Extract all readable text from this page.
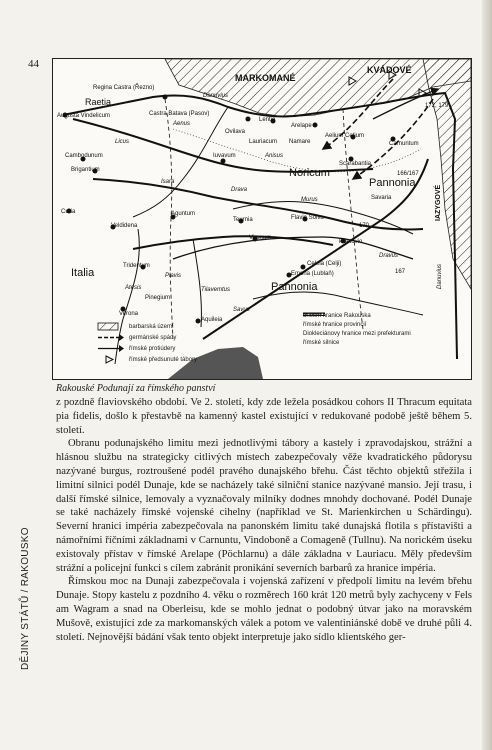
44
MARKOMANÉ
KVÁDOVÉ
Raetia
Noricum
Pannonia
Pannonia
Italia
IAZYGOVÉ
Regina Castra (Řezno)
Augusta Vindelicum	Castra Batava (Pasov)
Ovilava
Lentia
Arelape
Aelium Cetium
Lauriacum Namare	Carnuntum
Iuvavum
Scarabantia
Savaria
Cambodunum
Brigantium
Curia
Veldidena
Aguntum
Teurnia
Virunum
Flavia Solva
Poetovio
Celeia (Celji)
Emona (Lublaň)
Tridentum
Aquileia
Verona
Pinegium
Danuvius
Danuvius
Aenus
Isara
Licus
Drava
Dravus
Murus
Anisus
Atesis
Plavis
Tilavemtus
Savus
172, 179
166/167
170
167
barbarská území
germánské spády
římské protiúdery
římské předsunuté tábory
dnešní hranice Rakouska
římské hranice provincií
Diokleciánovy hranice mezi prefekturami
římské silnice
Rakouské Podunají za římského panství

z pozdně flaviovského období. Ve 2. století, kdy zde ležela posádkou cohors II Thracum equitata pia fidelis, došlo k přestavbě na kamenný kastel existující v redukované podobě ještě během 5. století.

Obranu podunajského limitu mezi jednotlivými tábory a kastely i zpravodajskou, strážní a hlásnou službu na strategicky citlivých místech zabezpečovaly věže kvadratického půdorysu nazývané burgus, roztroušené podél pravého dunajského břehu. Část těchto objektů střežila i limitní silnici podél Dunaje, kde se nacházely také silniční stanice nazývané mansio. Její trasu, i další římské silnice, lemovaly a vyznačovaly milníky dodnes mnohdy dochované. Podél Dunaje se také nacházely římské vojenské cihelny (například ve St. Marienkirchen u Schärdingu). Severní hranici impéria zabezpečovala na panonském limitu také dunajská flotila s přístavišti a námořními říčními základnami v Carnuntu, Vindoboně a Comageně (Tullnu). Na norickém úseku existovaly přístav v římské Arelape (Pöchlarnu) a dále základna v Lauriacu. Měly především strážní a policejní funkci s cílem zabránit pronikání severních barbarů za hranice impéria.

Římskou moc na Dunaji zabezpečovala i vojenská zařízení v předpolí limitu na levém břehu Dunaje. Stopy kastelu z pozdního 4. věku o rozměrech 160 krát 120 metrů byly zachyceny v Fels am Wagram a snad na Oberleisu, kde se mohlo jednat o podobný útvar jako na moravském Mušově, existující zde za markomanských válek a potom ve valentiniánské době ve druhé půli 4. století. Nejnovější bádání však tento objekt interpretuje jako sídlo klientského ger-

DĚJINY STÁTŮ / RAKOUSKO
